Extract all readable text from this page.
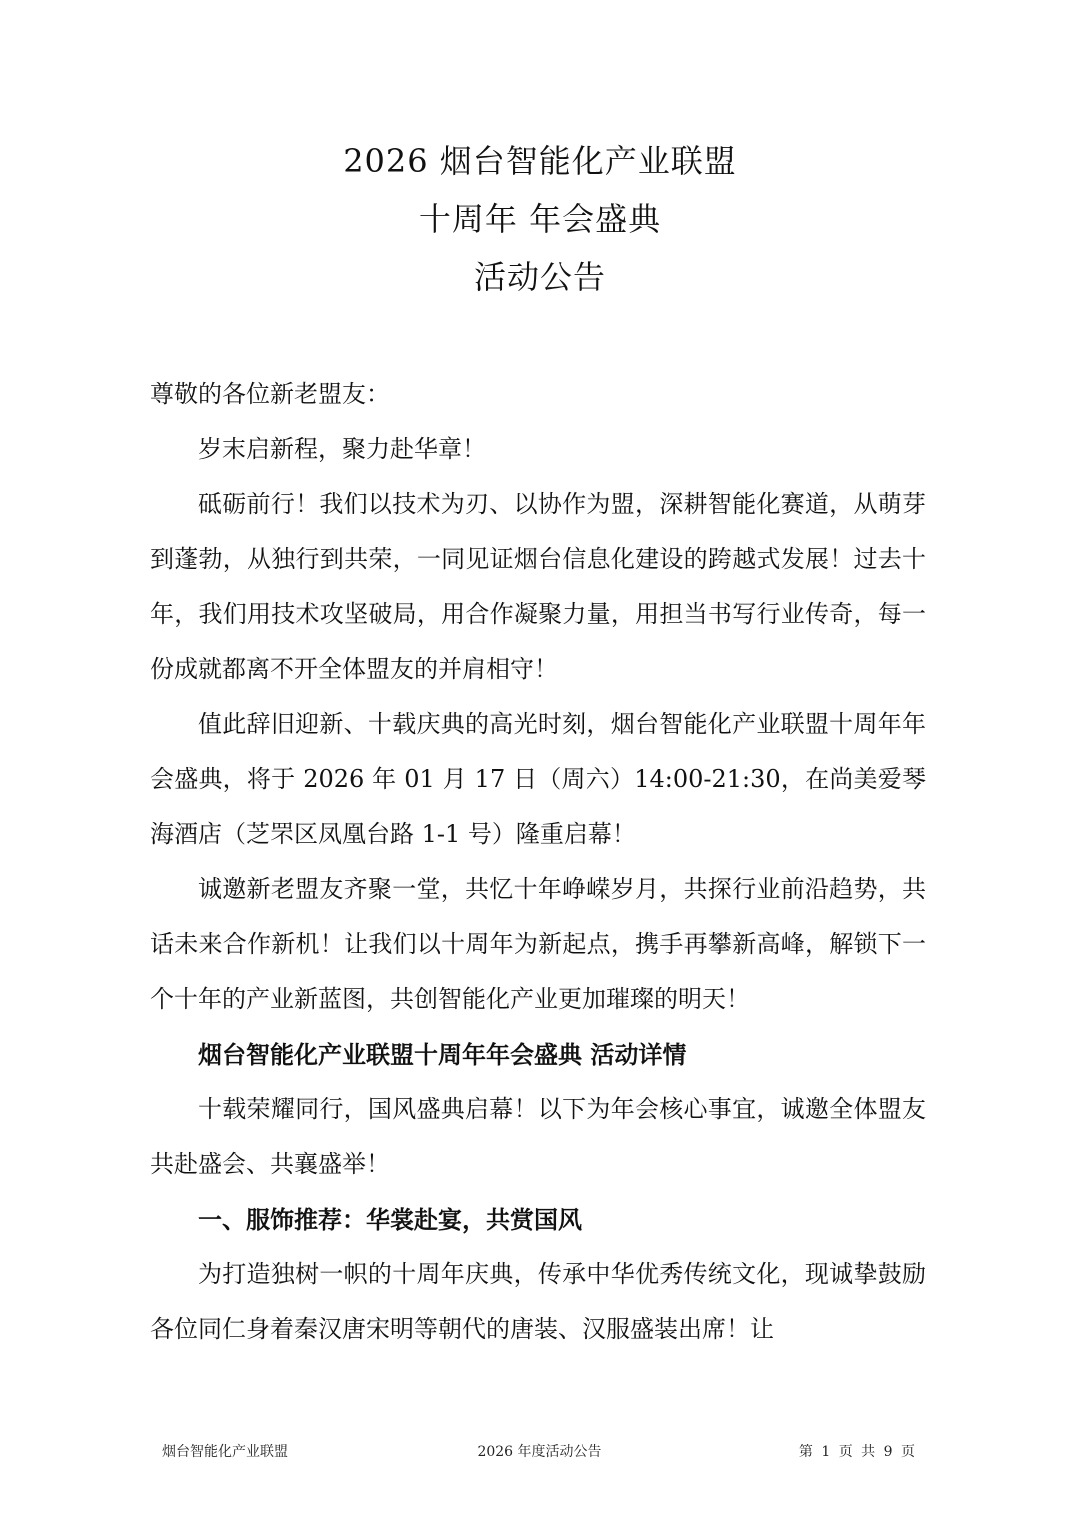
2026 烟台智能化产业联盟
十周年 年会盛典
活动公告

尊敬的各位新老盟友：

岁末启新程，聚力赴华章！

砥砺前行！我们以技术为刃、以协作为盟，深耕智能化赛道，从萌芽到蓬勃，从独行到共荣，一同见证烟台信息化建设的跨越式发展！过去十年，我们用技术攻坚破局，用合作凝聚力量，用担当书写行业传奇，每一份成就都离不开全体盟友的并肩相守！

值此辞旧迎新、十载庆典的高光时刻，烟台智能化产业联盟十周年年会盛典，将于 2026 年 01 月 17 日（周六）14:00-21:30，在尚美爱琴海酒店（芝罘区凤凰台路 1-1 号）隆重启幕！

诚邀新老盟友齐聚一堂，共忆十年峥嵘岁月，共探行业前沿趋势，共话未来合作新机！让我们以十周年为新起点，携手再攀新高峰，解锁下一个十年的产业新蓝图，共创智能化产业更加璀璨的明天！

烟台智能化产业联盟十周年年会盛典 活动详情

十载荣耀同行，国风盛典启幕！以下为年会核心事宜，诚邀全体盟友共赴盛会、共襄盛举！

一、服饰推荐：华裳赴宴，共赏国风

为打造独树一帜的十周年庆典，传承中华优秀传统文化，现诚挚鼓励各位同仁身着秦汉唐宋明等朝代的唐装、汉服盛装出席！让

2026 年度活动公告
烟台智能化产业联盟	第 1 页 共 9 页
